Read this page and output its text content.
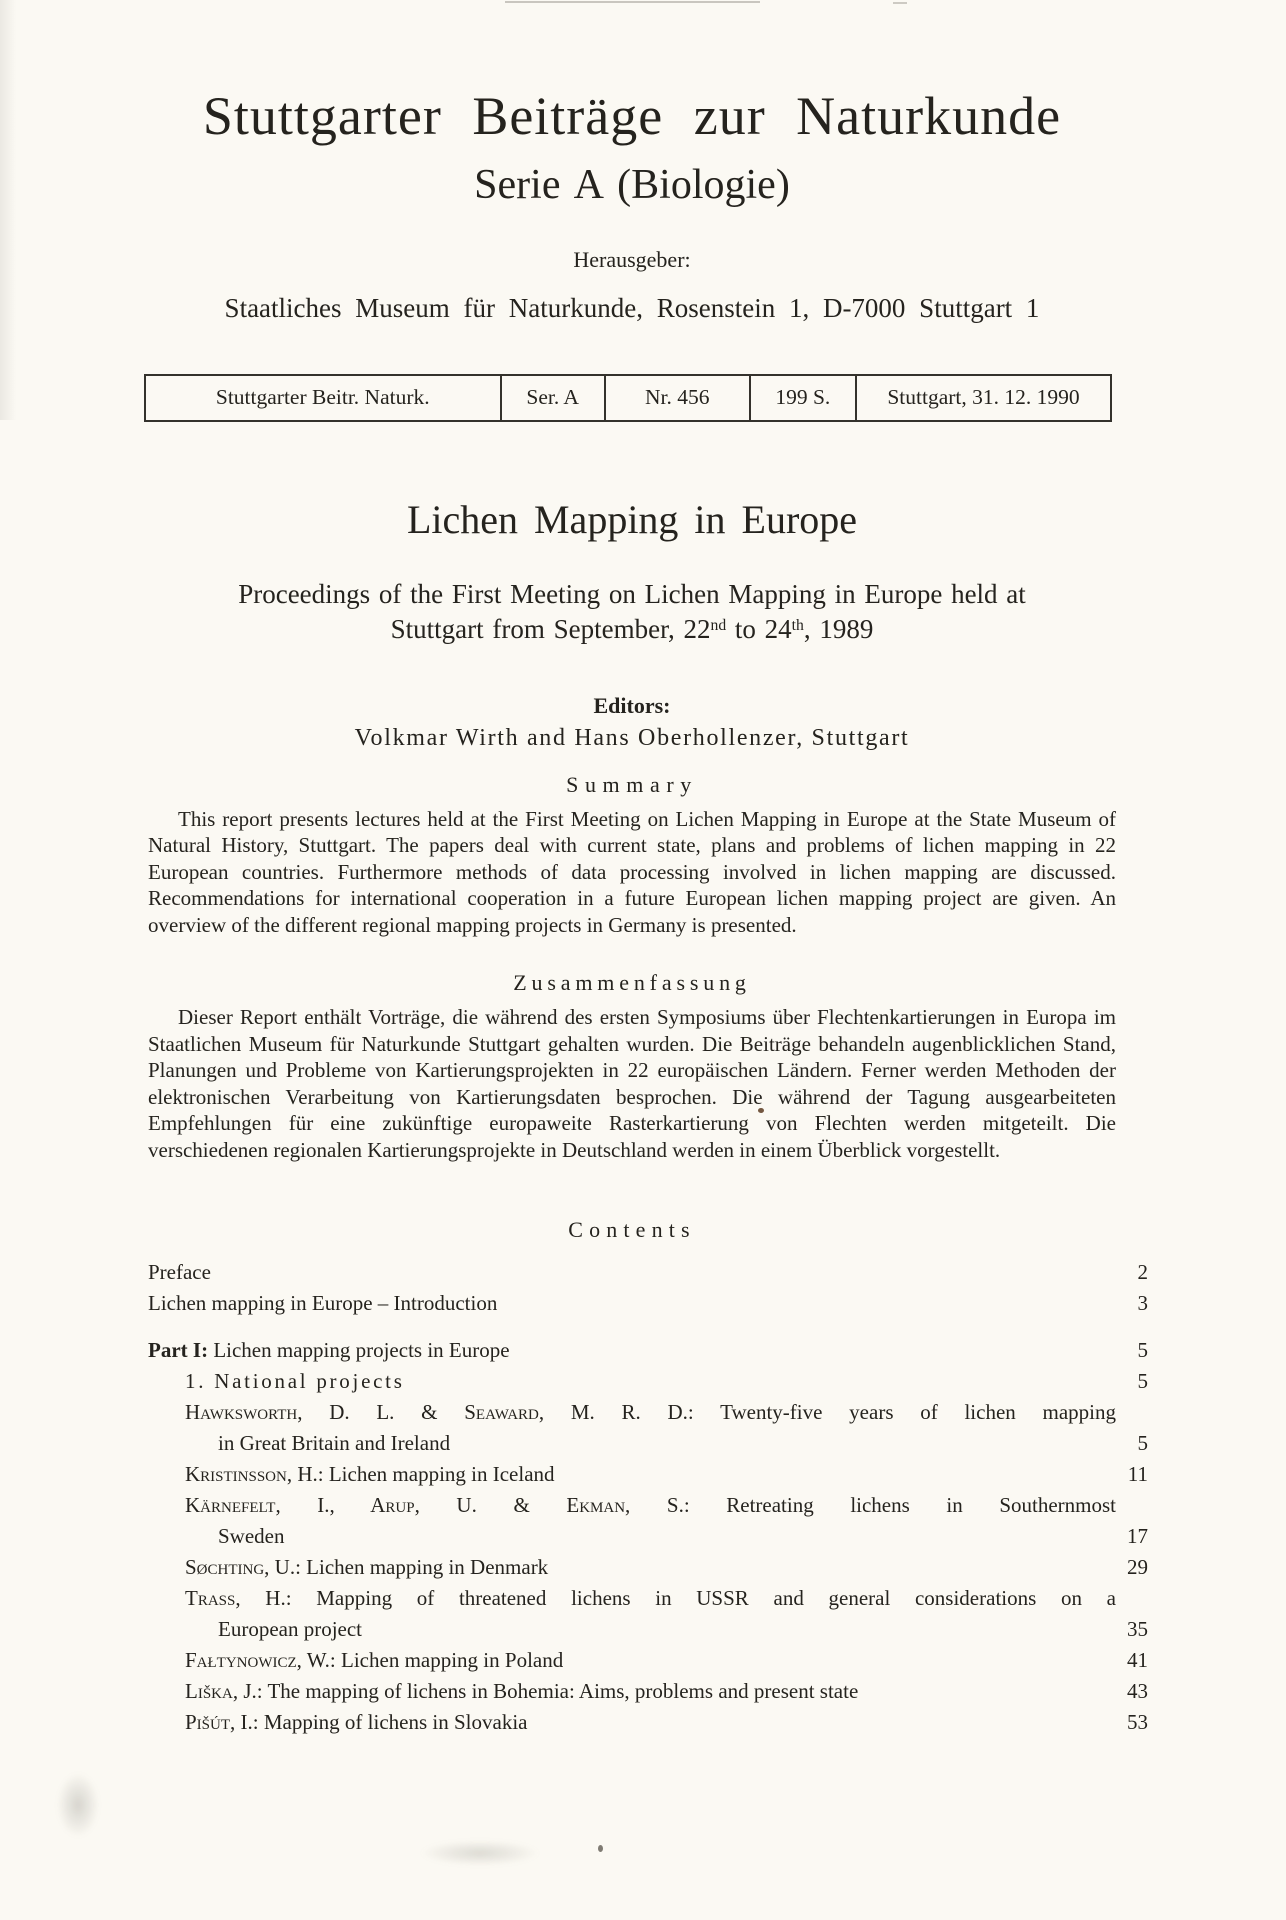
Stuttgarter Beiträge zur Naturkunde
Serie A (Biologie)
Herausgeber:
Staatliches Museum für Naturkunde, Rosenstein 1, D-7000 Stuttgart 1
Stuttgarter Beitr. Naturk.	Ser. A	Nr. 456	199 S.	Stuttgart, 31. 12. 1990
Lichen Mapping in Europe
Proceedings of the First Meeting on Lichen Mapping in Europe held at
Stuttgart from September, 22nd to 24th, 1989
Editors:
Volkmar Wirth and Hans Oberhollenzer, Stuttgart
Summary
This report presents lectures held at the First Meeting on Lichen Mapping in Europe at the State Museum of Natural History, Stuttgart. The papers deal with current state, plans and problems of lichen mapping in 22 European countries. Furthermore methods of data processing involved in lichen mapping are discussed. Recommendations for international cooperation in a future European lichen mapping project are given. An overview of the different regional mapping projects in Germany is presented.
Zusammenfassung
Dieser Report enthält Vorträge, die während des ersten Symposiums über Flechtenkartierungen in Europa im Staatlichen Museum für Naturkunde Stuttgart gehalten wurden. Die Beiträge behandeln augenblicklichen Stand, Planungen und Probleme von Kartierungsprojekten in 22 europäischen Ländern. Ferner werden Methoden der elektronischen Verarbeitung von Kartierungsdaten besprochen. Die während der Tagung ausgearbeiteten Empfehlungen für eine zukünftige europaweite Rasterkartierung von Flechten werden mitgeteilt. Die verschiedenen regionalen Kartierungsprojekte in Deutschland werden in einem Überblick vorgestellt.
Contents
Preface	2
Lichen mapping in Europe – Introduction	3
Part I: Lichen mapping projects in Europe	5
1. National projects	5
Hawksworth, D. L. & Seaward, M. R. D.: Twenty-five years of lichen mapping
in Great Britain and Ireland	5
Kristinsson, H.: Lichen mapping in Iceland	11
Kärnefelt, I., Arup, U. & Ekman, S.: Retreating lichens in Southernmost
Sweden	17
Søchting, U.: Lichen mapping in Denmark	29
Trass, H.: Mapping of threatened lichens in USSR and general considerations on a
European project	35
Fałtynowicz, W.: Lichen mapping in Poland	41
Liška, J.: The mapping of lichens in Bohemia: Aims, problems and present state	43
Pišút, I.: Mapping of lichens in Slovakia	53
